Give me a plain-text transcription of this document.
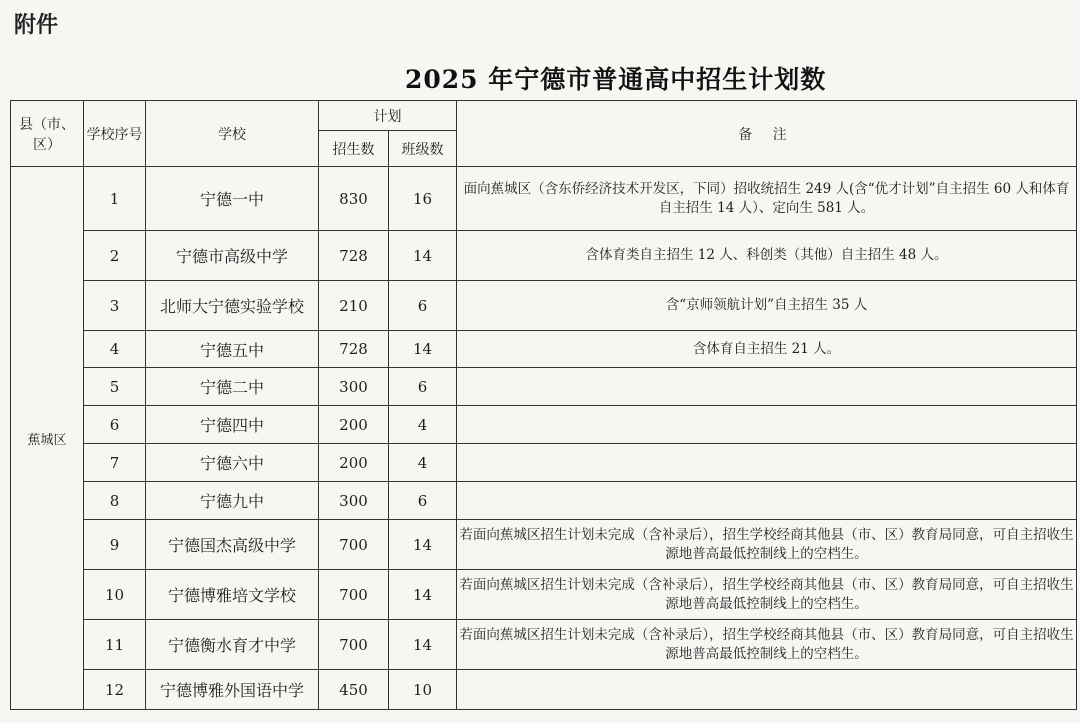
附件
2025 年宁德市普通高中招生计划数
县（市、区）	学校序号	学校	计划		备 注
			招生数	班级数	
蕉城区	1	宁德一中	830	16	面向蕉城区（含东侨经济技术开发区，下同）招收统招生 249 人(含“优才计划”自主招生 60 人和体育自主招生 14 人）、定向生 581 人。
	2	宁德市高级中学	728	14	含体育类自主招生 12 人、科创类（其他）自主招生 48 人。
	3	北师大宁德实验学校	210	6	含“京师领航计划”自主招生 35 人
	4	宁德五中	728	14	含体育自主招生 21 人。
	5	宁德二中	300	6	
	6	宁德四中	200	4	
	7	宁德六中	200	4	
	8	宁德九中	300	6	
	9	宁德国杰高级中学	700	14	若面向蕉城区招生计划未完成（含补录后），招生学校经商其他县（市、区）教育局同意，可自主招收生源地普高最低控制线上的空档生。
	10	宁德博雅培文学校	700	14	若面向蕉城区招生计划未完成（含补录后），招生学校经商其他县（市、区）教育局同意，可自主招收生源地普高最低控制线上的空档生。
	11	宁德衡水育才中学	700	14	若面向蕉城区招生计划未完成（含补录后），招生学校经商其他县（市、区）教育局同意，可自主招收生源地普高最低控制线上的空档生。
	12	宁德博雅外国语中学	450	10	
